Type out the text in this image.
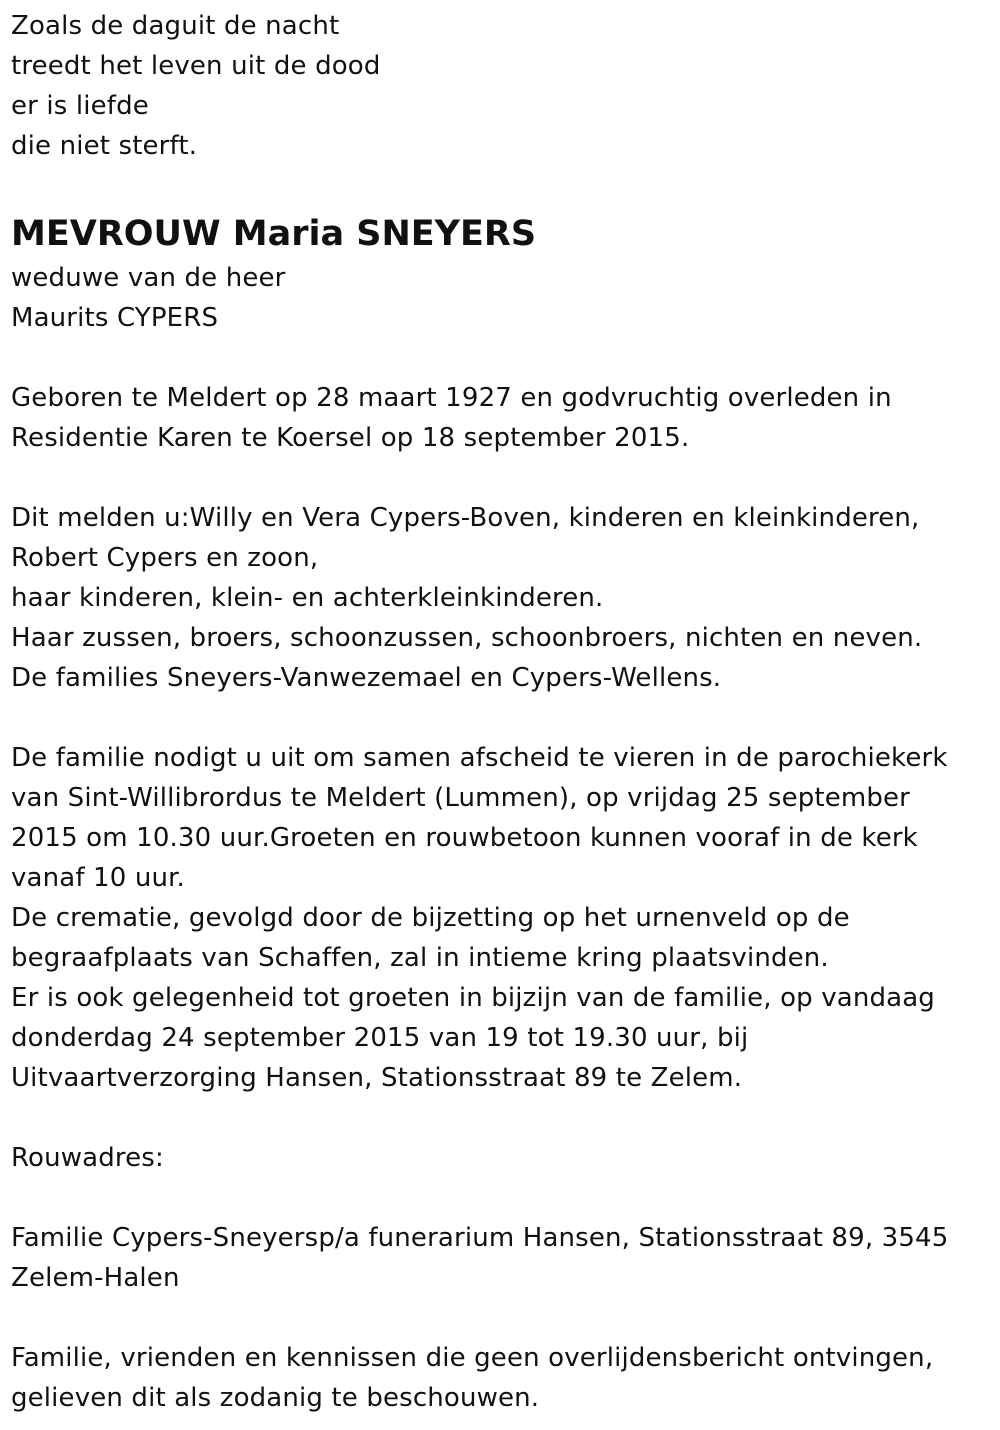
Zoals de daguit de nacht
treedt het leven uit de dood
er is liefde
die niet sterft.
MEVROUW Maria SNEYERS
weduwe van de heer
Maurits CYPERS
Geboren te Meldert op 28 maart 1927 en godvruchtig overleden in
Residentie Karen te Koersel op 18 september 2015.
Dit melden u:Willy en Vera Cypers-Boven, kinderen en kleinkinderen,
Robert Cypers en zoon,
haar kinderen, klein- en achterkleinkinderen.
Haar zussen, broers, schoonzussen, schoonbroers, nichten en neven.
De families Sneyers-Vanwezemael en Cypers-Wellens.
De familie nodigt u uit om samen afscheid te vieren in de parochiekerk
van Sint-Willibrordus te Meldert (Lummen), op vrijdag 25 september
2015 om 10.30 uur.Groeten en rouwbetoon kunnen vooraf in de kerk
vanaf 10 uur.
De crematie, gevolgd door de bijzetting op het urnenveld op de
begraafplaats van Schaffen, zal in intieme kring plaatsvinden.
Er is ook gelegenheid tot groeten in bijzijn van de familie, op vandaag
donderdag 24 september 2015 van 19 tot 19.30 uur, bij
Uitvaartverzorging Hansen, Stationsstraat 89 te Zelem.
Rouwadres:
Familie Cypers-Sneyersp/a funerarium Hansen, Stationsstraat 89, 3545
Zelem-Halen
Familie, vrienden en kennissen die geen overlijdensbericht ontvingen,
gelieven dit als zodanig te beschouwen.
